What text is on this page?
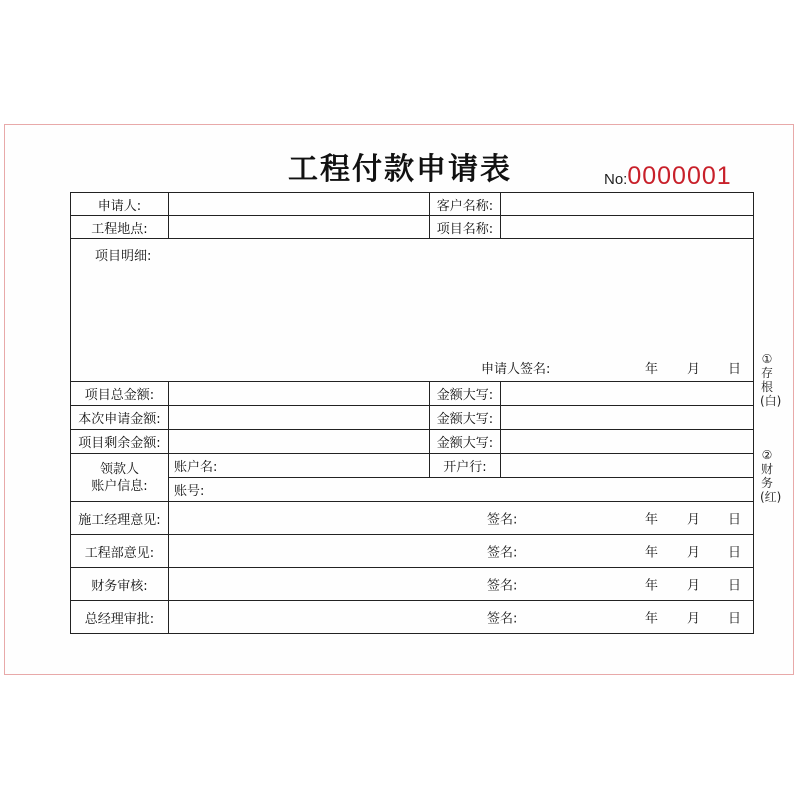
工程付款申请表	No:0000001
申请人:		客户名称:	
工程地点:		项目名称:	

项目明细:
申请人签名: 年 月 日			

项目总金额:		金额大写:	
本次申请金额:		金额大写:	
项目剩余金额:		金额大写:	

领款人
账户信息:	账户名:	开户行:	
	账号:		
施工经理意见:	签名: 年 月 日		

工程部意见:	签名: 年 月 日		

财务审核:	签名: 年 月 日		

总经理审批:	签名: 年 月 日		
①存根(白)
②财务(红)
